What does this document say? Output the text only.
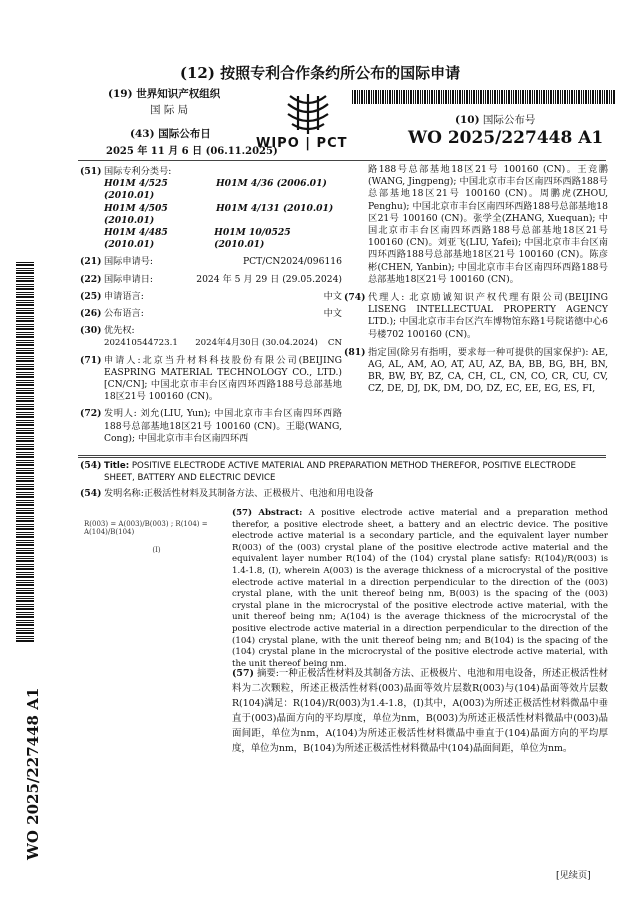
(12) 按照专利合作条约所公布的国际申请
(19) 世界知识产权组织
国 际 局
(43) 国际公布日
2025 年 11 月 6 日 (06.11.2025)
WIPO | PCT
(10) 国际公布号
WO 2025/227448 A1
(51) 国际专利分类号:
H01M 4/525 (2010.01)
H01M 4/36 (2006.01)
H01M 4/505 (2010.01)
H01M 4/131 (2010.01)
H01M 4/485 (2010.01)
H01M 10/0525 (2010.01)
(21) 国际申请号:	PCT/CN2024/096116
(22) 国际申请日:	2024 年 5 月 29 日 (29.05.2024)
(25) 申请语言:	中文
(26) 公布语言:	中文
(30) 优先权:
202410544723.1	2024年4月30日 (30.04.2024) CN
(71) 申请人:北京当升材料科技股份有限公司(BEIJING EASPRING MATERIAL TECHNOLOGY CO., LTD.) [CN/CN]; 中国北京市丰台区南四环西路188号总部基地18区21号 100160 (CN)。
(72) 发明人: 刘允(LIU, Yun); 中国北京市丰台区南四环西路188号总部基地18区21号 100160 (CN)。王聪(WANG, Cong); 中国北京市丰台区南四环西
路188号总部基地18区21号 100160 (CN)。王竞鹏(WANG, Jingpeng); 中国北京市丰台区南四环西路188号总部基地18区21号 100160 (CN)。周鹏虎(ZHOU, Penghu); 中国北京市丰台区南四环西路188号总部基地18区21号 100160 (CN)。张学全(ZHANG, Xuequan); 中国北京市丰台区南四环西路188号总部基地18区21号 100160 (CN)。刘亚飞(LIU, Yafei); 中国北京市丰台区南四环西路188号总部基地18区21号 100160 (CN)。陈彦彬(CHEN, Yanbin); 中国北京市丰台区南四环西路188号总部基地18区21号 100160 (CN)。
(74) 代理人: 北京励诚知识产权代理有限公司(BEIJING LISENG INTELLECTUAL PROPERTY AGENCY LTD.); 中国北京市丰台区汽车博物馆东路1号院诺德中心6号楼702 100160 (CN)。
(81) 指定国(除另有指明，要求每一种可提供的国家保护): AE, AG, AL, AM, AO, AT, AU, AZ, BA, BB, BG, BH, BN, BR, BW, BY, BZ, CA, CH, CL, CN, CO, CR, CU, CV, CZ, DE, DJ, DK, DM, DO, DZ, EC, EE, EG, ES, FI,
(54) Title: POSITIVE ELECTRODE ACTIVE MATERIAL AND PREPARATION METHOD THEREFOR, POSITIVE ELECTRODE SHEET, BATTERY AND ELECTRIC DEVICE
(54) 发明名称: 正极活性材料及其制备方法、正极极片、电池和用电设备
R(003) = A(003)/B(003) ; R(104) = A(104)/B(104)
(I)
(57) Abstract: A positive electrode active material and a preparation method therefor, a positive electrode sheet, a battery and an electric device. The positive electrode active material is a secondary particle, and the equivalent layer number R(003) of the (003) crystal plane of the positive electrode active material and the equivalent layer number R(104) of the (104) crystal plane satisfy: R(104)/R(003) is 1.4-1.8, (I), wherein A(003) is the average thickness of a microcrystal of the positive electrode active material in a direction perpendicular to the direction of the (003) crystal plane, with the unit thereof being nm, B(003) is the spacing of the (003) crystal plane in the microcrystal of the positive electrode active material, with the unit thereof being nm; A(104) is the average thickness of the microcrystal of the positive electrode active material in a direction perpendicular to the direction of the (104) crystal plane, with the unit thereof being nm; and B(104) is the spacing of the (104) crystal plane in the microcrystal of the positive electrode active material, with the unit thereof being nm.
(57) 摘要:一种正极活性材料及其制备方法、正极极片、电池和用电设备，所述正极活性材料为二次颗粒，所述正极活性材料(003)晶面等效片层数R(003)与(104)晶面等效片层数R(104)满足：R(104)/R(003)为1.4-1.8，(I)其中，A(003)为所述正极活性材料微晶中垂直于(003)晶面方向的平均厚度，单位为nm，B(003)为所述正极活性材料微晶中(003)晶面间距，单位为nm，A(104)为所述正极活性材料微晶中垂直于(104)晶面方向的平均厚度，单位为nm，B(104)为所述正极活性材料微晶中(104)晶面间距，单位为nm。
WO 2025/227448 A1
[见续页]
